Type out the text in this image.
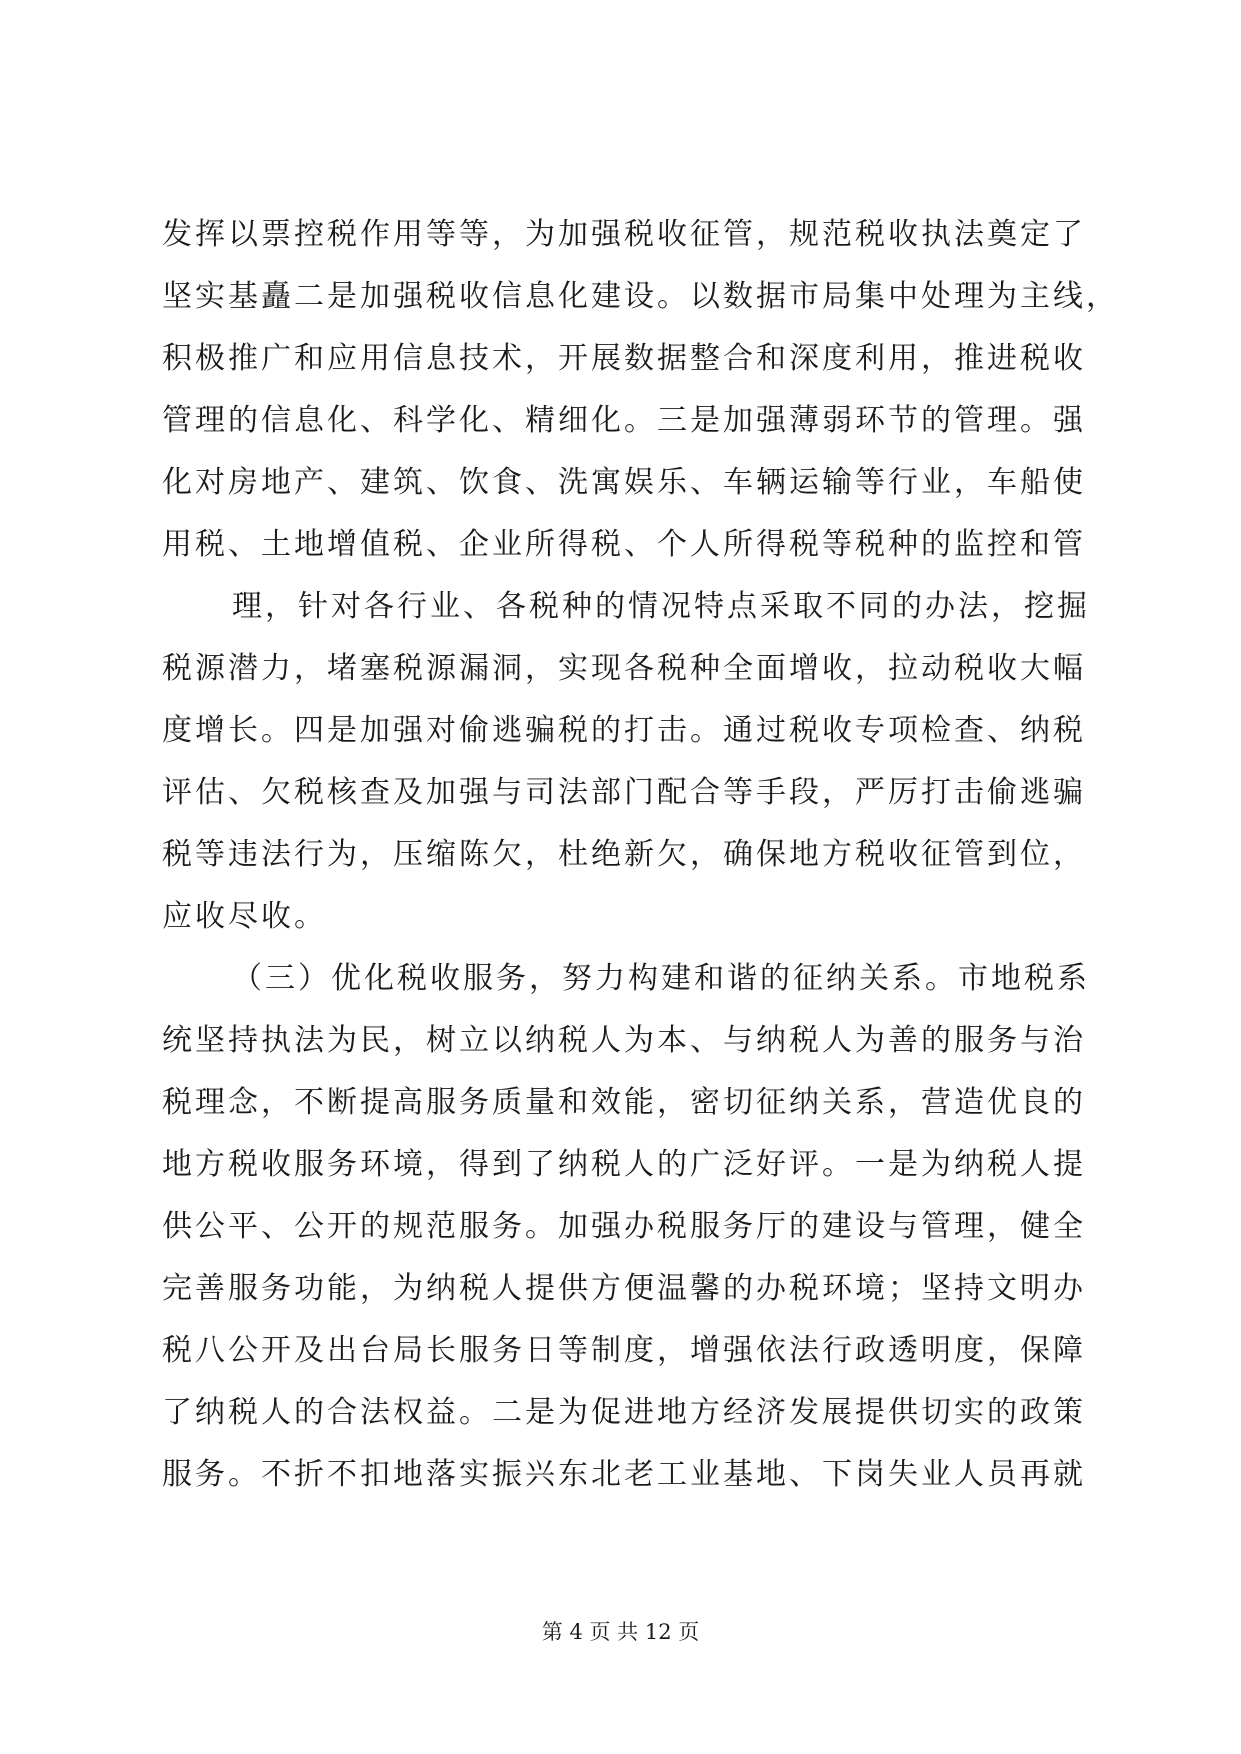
发挥以票控税作用等等，为加强税收征管，规范税收执法奠定了
坚实基矗二是加强税收信息化建设。以数据市局集中处理为主线，
积极推广和应用信息技术，开展数据整合和深度利用，推进税收
管理的信息化、科学化、精细化。三是加强薄弱环节的管理。强
化对房地产、建筑、饮食、洗寓娱乐、车辆运输等行业，车船使
用税、土地增值税、企业所得税、个人所得税等税种的监控和管
理，针对各行业、各税种的情况特点采取不同的办法，挖掘
税源潜力，堵塞税源漏洞，实现各税种全面增收，拉动税收大幅
度增长。四是加强对偷逃骗税的打击。通过税收专项检查、纳税
评估、欠税核查及加强与司法部门配合等手段，严厉打击偷逃骗
税等违法行为，压缩陈欠，杜绝新欠，确保地方税收征管到位，
应收尽收。
（三）优化税收服务，努力构建和谐的征纳关系。市地税系
统坚持执法为民，树立以纳税人为本、与纳税人为善的服务与治
税理念，不断提高服务质量和效能，密切征纳关系，营造优良的
地方税收服务环境，得到了纳税人的广泛好评。一是为纳税人提
供公平、公开的规范服务。加强办税服务厅的建设与管理，健全
完善服务功能，为纳税人提供方便温馨的办税环境；坚持文明办
税八公开及出台局长服务日等制度，增强依法行政透明度，保障
了纳税人的合法权益。二是为促进地方经济发展提供切实的政策
服务。不折不扣地落实振兴东北老工业基地、下岗失业人员再就
第 4 页 共 12 页
